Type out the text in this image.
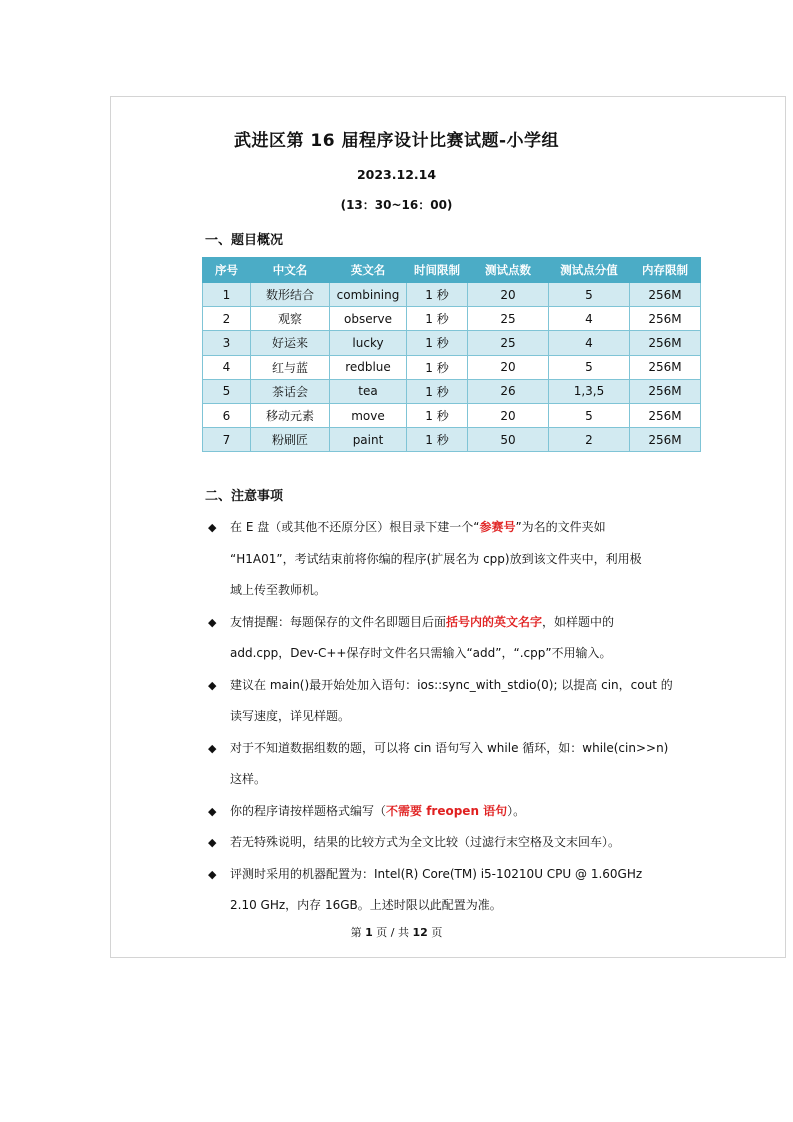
武进区第 16 届程序设计比赛试题-小学组
2023.12.14
(13：30~16：00)
一、题目概况
序号	中文名	英文名	时间限制	测试点数	测试点分值	内存限制
1	数形结合	combining	1 秒	20	5	256M
2	观察	observe	1 秒	25	4	256M
3	好运来	lucky	1 秒	25	4	256M
4	红与蓝	redblue	1 秒	20	5	256M
5	茶话会	tea	1 秒	26	1,3,5	256M
6	移动元素	move	1 秒	20	5	256M
7	粉刷匠	paint	1 秒	50	2	256M
二、注意事项
◆ 在 E 盘（或其他不还原分区）根目录下建一个“参赛号”为名的文件夹如
“H1A01”，考试结束前将你编的程序(扩展名为 cpp)放到该文件夹中，利用极
域上传至教师机。
◆ 友情提醒：每题保存的文件名即题目后面括号内的英文名字，如样题中的
add.cpp，Dev-C++保存时文件名只需输入“add”，“.cpp”不用输入。
◆ 建议在 main()最开始处加入语句：ios::sync_with_stdio(0); 以提高 cin，cout 的
读写速度，详见样题。
◆ 对于不知道数据组数的题，可以将 cin 语句写入 while 循环，如：while(cin>>n)
这样。
◆ 你的程序请按样题格式编写（不需要 freopen 语句）。
◆ 若无特殊说明，结果的比较方式为全文比较（过滤行末空格及文末回车）。
◆ 评测时采用的机器配置为：Intel(R) Core(TM) i5-10210U CPU @ 1.60GHz
2.10 GHz，内存 16GB。上述时限以此配置为准。
第 1 页 / 共 12 页
